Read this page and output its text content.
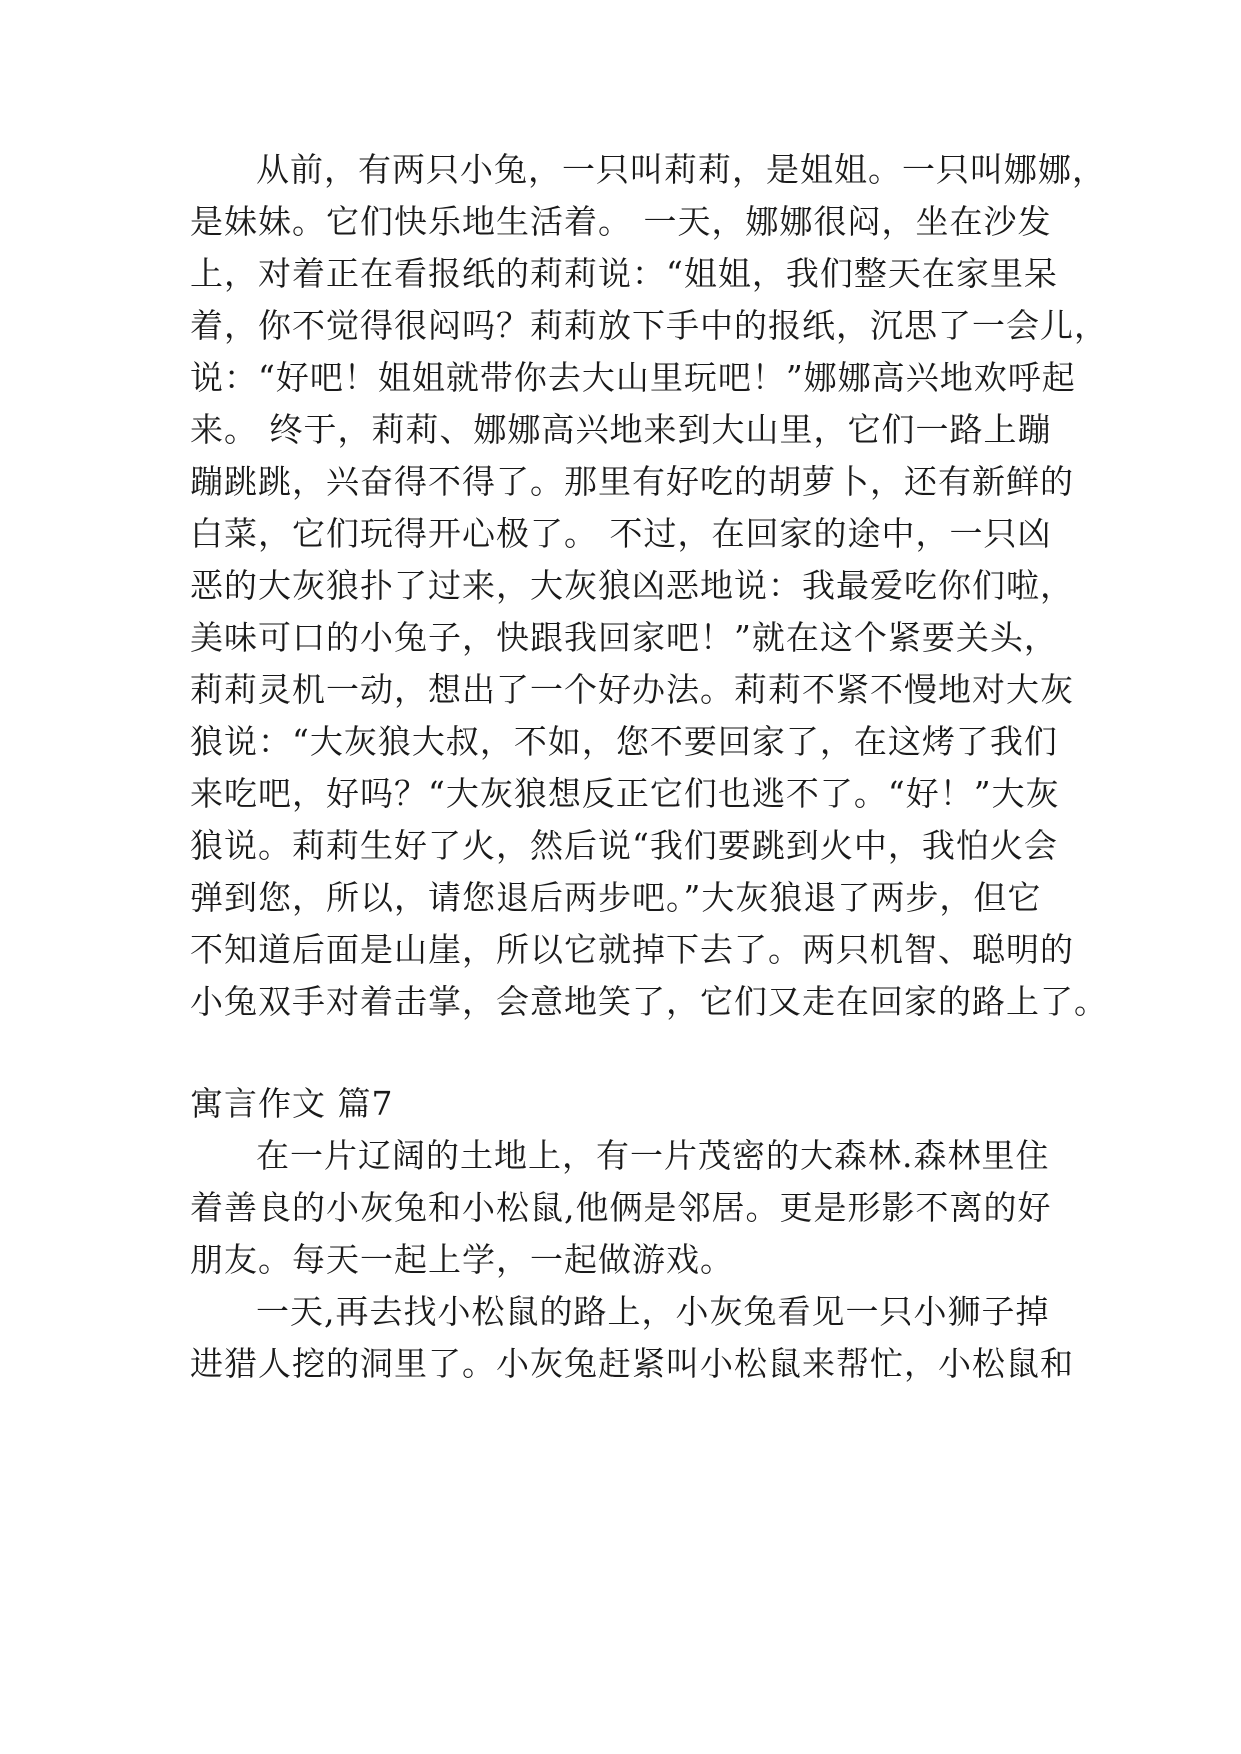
从前，有两只小兔，一只叫莉莉，是姐姐。一只叫娜娜，
是妹妹。它们快乐地生活着。 一天，娜娜很闷，坐在沙发
上，对着正在看报纸的莉莉说：“姐姐，我们整天在家里呆
着，你不觉得很闷吗？莉莉放下手中的报纸，沉思了一会儿，
说：“好吧！姐姐就带你去大山里玩吧！”娜娜高兴地欢呼起
来。 终于，莉莉、娜娜高兴地来到大山里，它们一路上蹦
蹦跳跳，兴奋得不得了。那里有好吃的胡萝卜，还有新鲜的
白菜，它们玩得开心极了。 不过，在回家的途中，一只凶
恶的大灰狼扑了过来，大灰狼凶恶地说：我最爱吃你们啦，
美味可口的小兔子，快跟我回家吧！”就在这个紧要关头，
莉莉灵机一动，想出了一个好办法。莉莉不紧不慢地对大灰
狼说：“大灰狼大叔，不如，您不要回家了，在这烤了我们
来吃吧，好吗？“大灰狼想反正它们也逃不了。“好！”大灰
狼说。莉莉生好了火，然后说“我们要跳到火中，我怕火会
弹到您，所以，请您退后两步吧。”大灰狼退了两步，但它
不知道后面是山崖，所以它就掉下去了。两只机智、聪明的
小兔双手对着击掌，会意地笑了，它们又走在回家的路上了。
寓言作文 篇7
在一片辽阔的土地上，有一片茂密的大森林.森林里住
着善良的小灰兔和小松鼠,他俩是邻居。更是形影不离的好
朋友。每天一起上学，一起做游戏。
一天,再去找小松鼠的路上，小灰兔看见一只小狮子掉
进猎人挖的洞里了。小灰兔赶紧叫小松鼠来帮忙，小松鼠和
